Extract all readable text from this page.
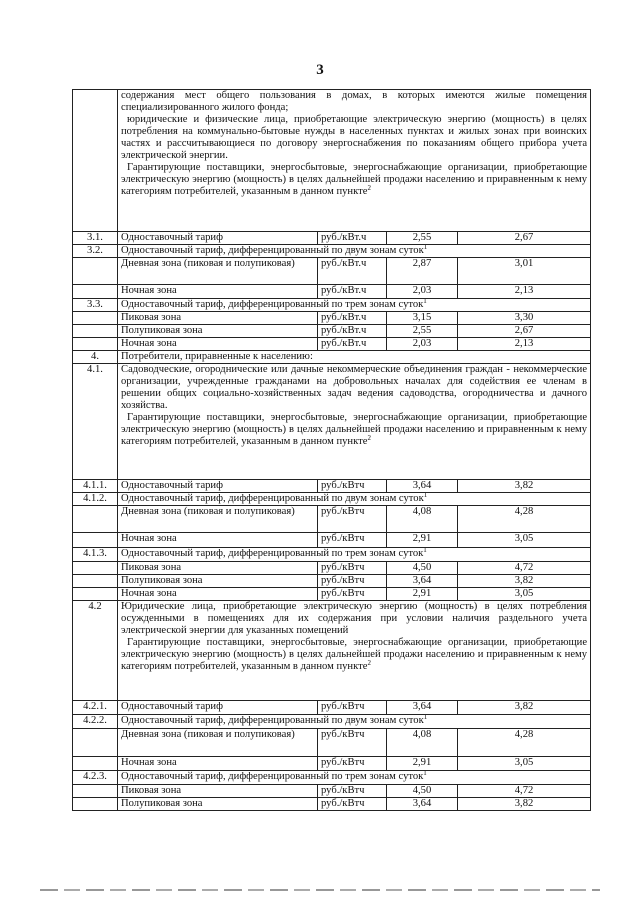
3

	содержания мест общего пользования в домах, в которых имеются жилые помещения специализированного жилого фонда;

юридические и физические лица, приобретающие электрическую энергию (мощность) в целях потребления на коммунально-бытовые нужды в населенных пунктах и жилых зонах при воинских частях и рассчитывающиеся по договору энергоснабжения по показаниям общего прибора учета электрической энергии.

Гарантирующие поставщики, энергосбытовые, энергоснабжающие организации, приобретающие электрическую энергию (мощность) в целях дальнейшей продажи населению и приравненным к нему категориям потребителей, указанным в данном пункте$^2$

3.1.	Одноставочный тариф	руб./кВт.ч	2,55	2,67
3.2.	Одноставочный тариф, дифференцированный по двум зонам суток$^1$
	Дневная зона (пиковая и полупиковая)	руб./кВт.ч	2,87	3,01
	Ночная зона	руб./кВт.ч	2,03	2,13
3.3.	Одноставочный тариф, дифференцированный по трем зонам суток$^1$
	Пиковая зона	руб./кВт.ч	3,15	3,30
	Полупиковая зона	руб./кВт.ч	2,55	2,67
	Ночная зона	руб./кВт.ч	2,03	2,13
4.	Потребители, приравненные к населению:			
4.1.	Садоводческие, огороднические или дачные некоммерческие объединения граждан - некоммерческие организации, учрежденные гражданами на добровольных началах для содействия ее членам в решении общих социально-хозяйственных задач ведения садоводства, огородничества и дачного хозяйства.

Гарантирующие поставщики, энергосбытовые, энергоснабжающие организации, приобретающие электрическую энергию (мощность) в целях дальнейшей продажи населению и приравненным к нему категориям потребителей, указанным в данном пункте$^2$

4.1.1.	Одноставочный тариф	руб./кВтч	3,64	3,82
4.1.2.	Одноставочный тариф, дифференцированный по двум зонам суток$^1$
	Дневная зона (пиковая и полупиковая)	руб./кВтч	4,08	4,28
	Ночная зона	руб./кВтч	2,91	3,05
4.1.3.	Одноставочный тариф, дифференцированный по трем зонам суток$^1$
	Пиковая зона	руб./кВтч	4,50	4,72
	Полупиковая зона	руб./кВтч	3,64	3,82
	Ночная зона	руб./кВтч	2,91	3,05
4.2	Юридические лица, приобретающие электрическую энергию (мощность) в целях потребления осужденными в помещениях для их содержания при условии наличия раздельного учета электрической энергии для указанных помещений

Гарантирующие поставщики, энергосбытовые, энергоснабжающие организации, приобретающие электрическую энергию (мощность) в целях дальнейшей продажи населению и приравненным к нему категориям потребителей, указанным в данном пункте$^2$

4.2.1.	Одноставочный тариф	руб./кВтч	3,64	3,82
4.2.2.	Одноставочный тариф, дифференцированный по двум зонам суток$^1$
	Дневная зона (пиковая и полупиковая)	руб./кВтч	4,08	4,28
	Ночная зона	руб./кВтч	2,91	3,05
4.2.3.	Одноставочный тариф, дифференцированный по трем зонам суток$^1$
	Пиковая зона	руб./кВтч	4,50	4,72
	Полупиковая зона	руб./кВтч	3,64	3,82
